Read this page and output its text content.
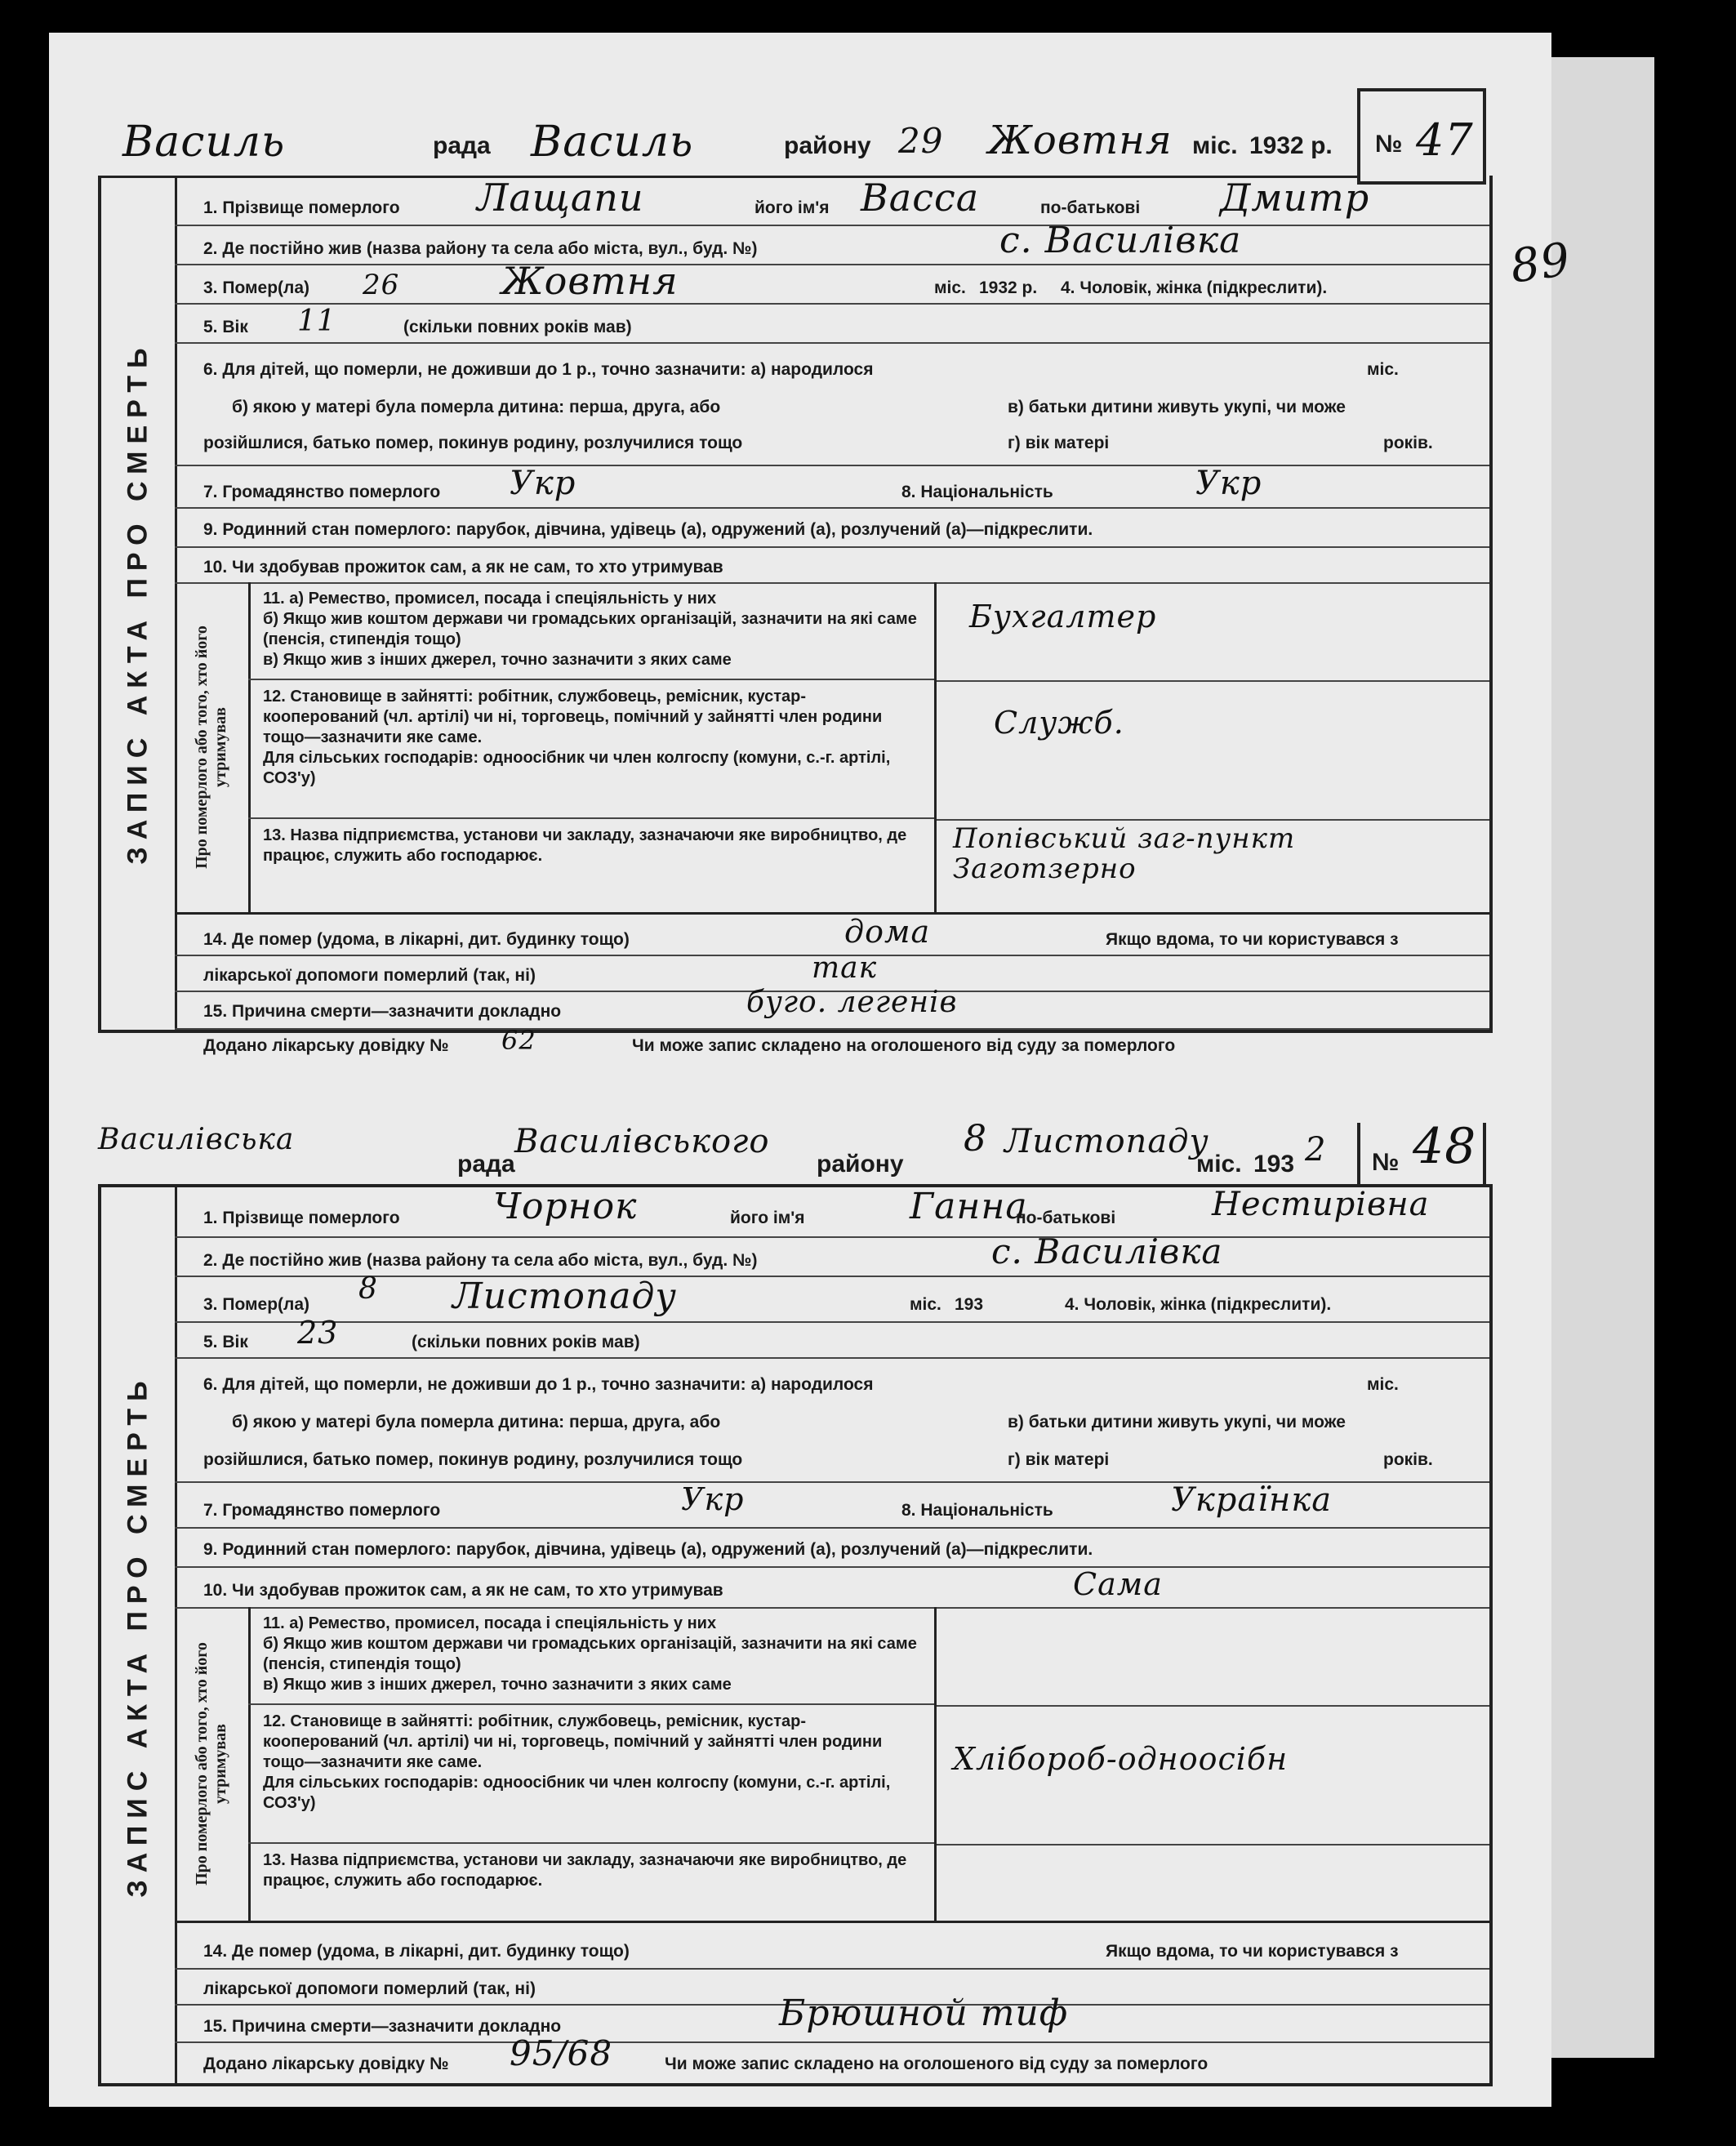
89
Василь	рада Василь	району 29 Жовтня міс. 1932 р. № 47
ЗАПИС АКТА ПРО СМЕРТЬ
1. Прізвище померлого Лащапи	його ім'я Васса	по-батькові Дмитр
2. Де постійно жив (назва району та села або міста, вул., буд. №)	с. Василівка
3. Помер(ла) 26	Жовтня	міс. 1932 р. 4. Чоловік, жінка (підкреслити).
5. Вік 11	(скільки повних років мав)
6. Для дітей, що померли, не доживши до 1 р., точно зазначити: а) народилося	міс.
б) якою у матері була померла дитина: перша, друга, або	в) батьки дитини живуть укупі, чи може
розійшлися, батько помер, покинув родину, розлучилися тощо	г) вік матері	років.
7. Громадянство померлого Укр	8. Національність	Укр
9. Родинний стан померлого: парубок, дівчина, удівець (а), одружений (а), розлучений (а)—підкреслити.
10. Чи здобував прожиток сам, а як не сам, то хто утримував
Про померлого або того, хто його утримував
11. а) Ремество, промисел, посада і спеціяльність у них
б) Якщо жив коштом держави чи громадських організацій, зазначити на які саме (пенсія, стипендія тощо)
в) Якщо жив з інших джерел, точно зазначити з яких саме
Бухгалтер
12. Становище в зайнятті: робітник, службовець, ремісник, кустар-кооперований (чл. артілі) чи ні, торговець, помічний у зайнятті член родини тощо—зазначити яке саме.
Для сільських господарів: одноосібник чи член колгоспу (комуни, с.-г. артілі, СОЗ'у)
Служб.
13. Назва підприємства, установи чи закладу, зазначаючи яке виробництво, де працює, служить або господарює.
Попівський заг-пункт Заготзерно
14. Де помер (удома, в лікарні, дит. будинку тощо)	дома	Якщо вдома, то чи користувався з
лікарської допомоги померлий (так, ні)	так
15. Причина смерти—зазначити докладно	буго. легенів
Додано лікарську довідку № 62	Чи може запис складено на оголошеного від суду за померлого
Василівська
рада
Василівського
району
8 Листопаду
міс. 193 2 № 48
ЗАПИС АКТА ПРО СМЕРТЬ
1. Прізвище померлого	Чорнок	його ім'я	Ганна
по-батькові	Нестирівна
2. Де постійно жив (назва району та села або міста, вул., буд. №)	с. Василівка
3. Помер(ла) 8 Листопаду	міс. 193	4. Чоловік, жінка (підкреслити).
5. Вік 23	(скільки повних років мав)
6. Для дітей, що померли, не доживши до 1 р., точно зазначити: а) народилося	міс.
б) якою у матері була померла дитина: перша, друга, або	в) батьки дитини живуть укупі, чи може
розійшлися, батько помер, покинув родину, розлучилися тощо	г) вік матері	років.
7. Громадянство померлого	Укр	8. Національність	Українка
9. Родинний стан померлого: парубок, дівчина, удівець (а), одружений (а), розлучений (а)—підкреслити.
10. Чи здобував прожиток сам, а як не сам, то хто утримував	Сама
Про померлого або того, хто його утримував
11. а) Ремество, промисел, посада і спеціяльність у них
б) Якщо жив коштом держави чи громадських організацій, зазначити на які саме (пенсія, стипендія тощо)
в) Якщо жив з інших джерел, точно зазначити з яких саме
12. Становище в зайнятті: робітник, службовець, ремісник, кустар-кооперований (чл. артілі) чи ні, торговець, помічний у зайнятті член родини тощо—зазначити яке саме.
Для сільських господарів: одноосібник чи член колгоспу (комуни, с.-г. артілі, СОЗ'у)
Хлібороб-одноосібн
13. Назва підприємства, установи чи закладу, зазначаючи яке виробництво, де працює, служить або господарює.
14. Де помер (удома, в лікарні, дит. будинку тощо)	Якщо вдома, то чи користувався з
лікарської допомоги померлий (так, ні)
15. Причина смерти—зазначити докладно	Брюшной тиф
Додано лікарську довідку № 95/68	Чи може запис складено на оголошеного від суду за померлого
